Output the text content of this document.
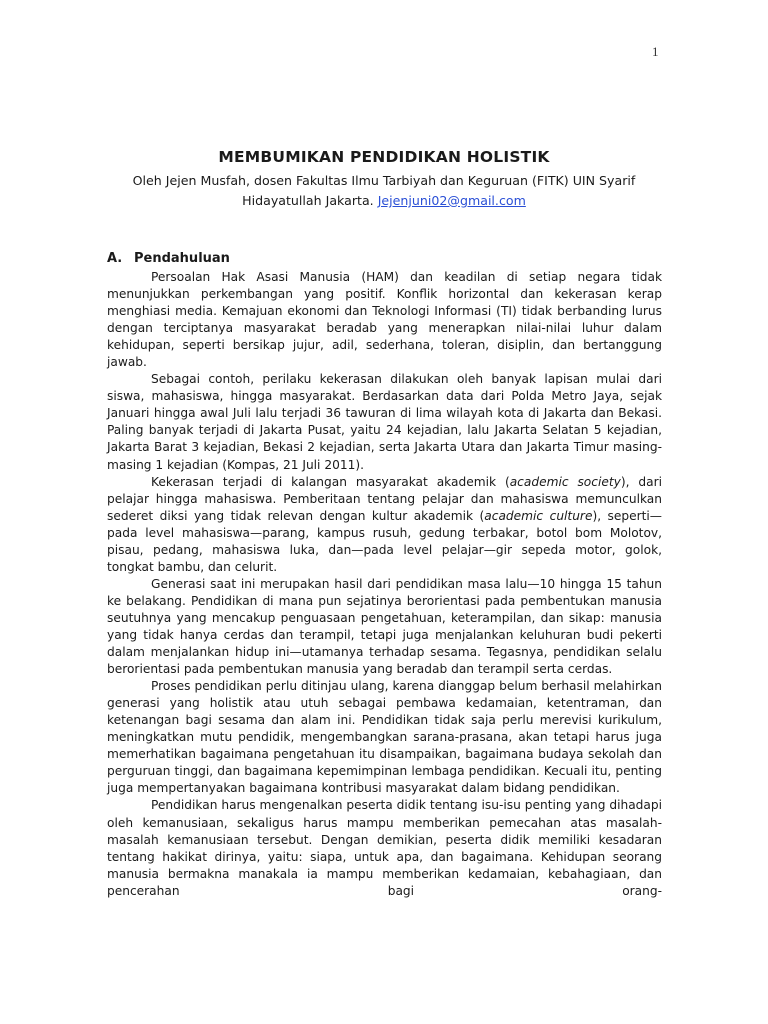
1
MEMBUMIKAN PENDIDIKAN HOLISTIK
Oleh Jejen Musfah, dosen Fakultas Ilmu Tarbiyah dan Keguruan (FITK) UIN Syarif Hidayatullah Jakarta. Jejenjuni02@gmail.com
A. Pendahuluan

Persoalan Hak Asasi Manusia (HAM) dan keadilan di setiap negara tidak menunjukkan perkembangan yang positif. Konflik horizontal dan kekerasan kerap menghiasi media. Kemajuan ekonomi dan Teknologi Informasi (TI) tidak berbanding lurus dengan terciptanya masyarakat beradab yang menerapkan nilai-nilai luhur dalam kehidupan, seperti bersikap jujur, adil, sederhana, toleran, disiplin, dan bertanggung jawab.

Sebagai contoh, perilaku kekerasan dilakukan oleh banyak lapisan mulai dari siswa, mahasiswa, hingga masyarakat. Berdasarkan data dari Polda Metro Jaya, sejak Januari hingga awal Juli lalu terjadi 36 tawuran di lima wilayah kota di Jakarta dan Bekasi. Paling banyak terjadi di Jakarta Pusat, yaitu 24 kejadian, lalu Jakarta Selatan 5 kejadian, Jakarta Barat 3 kejadian, Bekasi 2 kejadian, serta Jakarta Utara dan Jakarta Timur masing-masing 1 kejadian (Kompas, 21 Juli 2011).

Kekerasan terjadi di kalangan masyarakat akademik (academic society), dari pelajar hingga mahasiswa. Pemberitaan tentang pelajar dan mahasiswa memunculkan sederet diksi yang tidak relevan dengan kultur akademik (academic culture), seperti—pada level mahasiswa—parang, kampus rusuh, gedung terbakar, botol bom Molotov, pisau, pedang, mahasiswa luka, dan—pada level pelajar—gir sepeda motor, golok, tongkat bambu, dan celurit.

Generasi saat ini merupakan hasil dari pendidikan masa lalu—10 hingga 15 tahun ke belakang. Pendidikan di mana pun sejatinya berorientasi pada pembentukan manusia seutuhnya yang mencakup penguasaan pengetahuan, keterampilan, dan sikap: manusia yang tidak hanya cerdas dan terampil, tetapi juga menjalankan keluhuran budi pekerti dalam menjalankan hidup ini—utamanya terhadap sesama. Tegasnya, pendidikan selalu berorientasi pada pembentukan manusia yang beradab dan terampil serta cerdas.

Proses pendidikan perlu ditinjau ulang, karena dianggap belum berhasil melahirkan generasi yang holistik atau utuh sebagai pembawa kedamaian, ketentraman, dan ketenangan bagi sesama dan alam ini. Pendidikan tidak saja perlu merevisi kurikulum, meningkatkan mutu pendidik, mengembangkan sarana-prasana, akan tetapi harus juga memerhatikan bagaimana pengetahuan itu disampaikan, bagaimana budaya sekolah dan perguruan tinggi, dan bagaimana kepemimpinan lembaga pendidikan. Kecuali itu, penting juga mempertanyakan bagaimana kontribusi masyarakat dalam bidang pendidikan.

Pendidikan harus mengenalkan peserta didik tentang isu-isu penting yang dihadapi oleh kemanusiaan, sekaligus harus mampu memberikan pemecahan atas masalah-masalah kemanusiaan tersebut. Dengan demikian, peserta didik memiliki kesadaran tentang hakikat dirinya, yaitu: siapa, untuk apa, dan bagaimana. Kehidupan seorang manusia bermakna manakala ia mampu memberikan kedamaian, kebahagiaan, dan pencerahan bagi orang-
